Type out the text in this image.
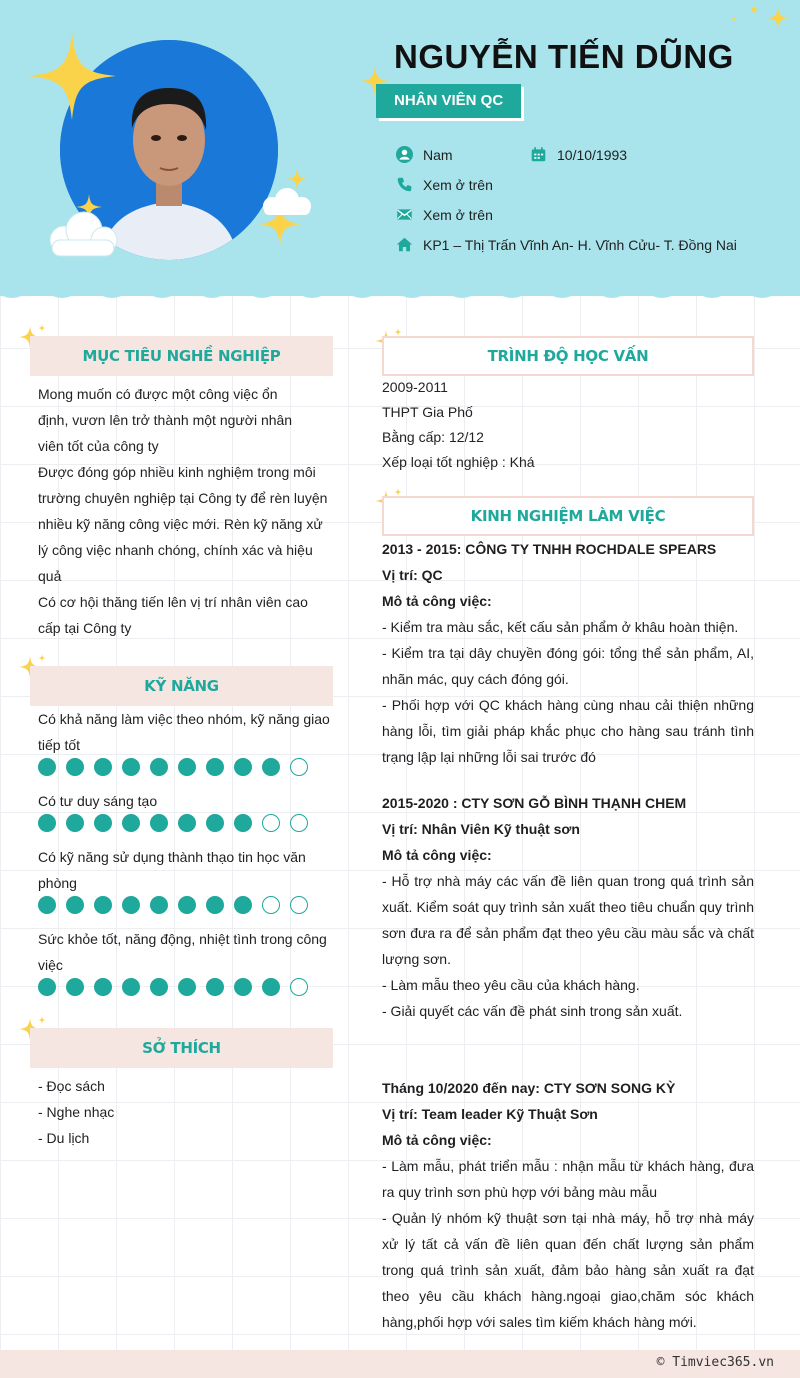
NGUYỄN TIẾN DŨNG
NHÂN VIÊN QC
Nam	10/10/1993
Xem ở trên
Xem ở trên
KP1 – Thị Trấn Vĩnh An- H. Vĩnh Cửu- T. Đồng Nai
MỤC TIÊU NGHỀ NGHIỆP

Mong muốn có được một công việc ổn

định, vươn lên trở thành một người nhân

viên tốt của công ty

Được đóng góp nhiều kinh nghiệm trong môi

trường chuyên nghiệp tại Công ty để rèn luyện

nhiều kỹ năng công việc mới. Rèn kỹ năng xử

lý công việc nhanh chóng, chính xác và hiệu

quả

Có cơ hội thăng tiến lên vị trí nhân viên cao

cấp tại Công ty

KỸ NĂNG
Có khả năng làm việc theo nhóm, kỹ năng giao tiếp tốt
Có tư duy sáng tạo
Có kỹ năng sử dụng thành thạo tin học văn phòng
Sức khỏe tốt, năng động, nhiệt tình trong công việc
SỞ THÍCH

- Đọc sách

- Nghe nhạc

- Du lịch

TRÌNH ĐỘ HỌC VẤN

2009-2011

THPT Gia Phố

Bằng cấp: 12/12

Xếp loại tốt nghiệp : Khá

KINH NGHIỆM LÀM VIỆC

2013 - 2015: CÔNG TY TNHH ROCHDALE SPEARS

Vị trí: QC

Mô tả công việc:

- Kiểm tra màu sắc, kết cấu sản phẩm ở khâu hoàn thiện.

- Kiểm tra tại dây chuyền đóng gói: tổng thể sản phẩm, AI, nhãn mác, quy cách đóng gói.

- Phối hợp với QC khách hàng cùng nhau cải thiện những hàng lỗi, tìm giải pháp khắc phục cho hàng sau tránh tình trạng lập lại những lỗi sai trước đó

2015-2020 : CTY SƠN GỖ BÌNH THẠNH CHEM

Vị trí: Nhân Viên Kỹ thuật sơn

Mô tả công việc:

- Hỗ trợ nhà máy các vấn đề liên quan trong quá trình sản xuất. Kiểm soát quy trình sản xuất theo tiêu chuẩn quy trình sơn đưa ra để sản phẩm đạt theo yêu cầu màu sắc và chất lượng sơn.

- Làm mẫu theo yêu cầu của khách hàng.

- Giải quyết các vấn đề phát sinh trong sản xuất.

Tháng 10/2020 đến nay: CTY SƠN SONG KỲ

Vị trí: Team leader Kỹ Thuật Sơn

Mô tả công việc:

- Làm mẫu, phát triển mẫu : nhận mẫu từ khách hàng, đưa ra quy trình sơn phù hợp với bảng màu mẫu

- Quản lý nhóm kỹ thuật sơn tại nhà máy, hỗ trợ nhà máy xử lý tất cả vấn đề liên quan đến chất lượng sản phẩm trong quá trình sản xuất, đảm bảo hàng sản xuất ra đạt theo yêu cầu khách hàng.ngoại giao,chăm sóc khách hàng,phối hợp với sales tìm kiếm khách hàng mới.

© Timviec365.vn
